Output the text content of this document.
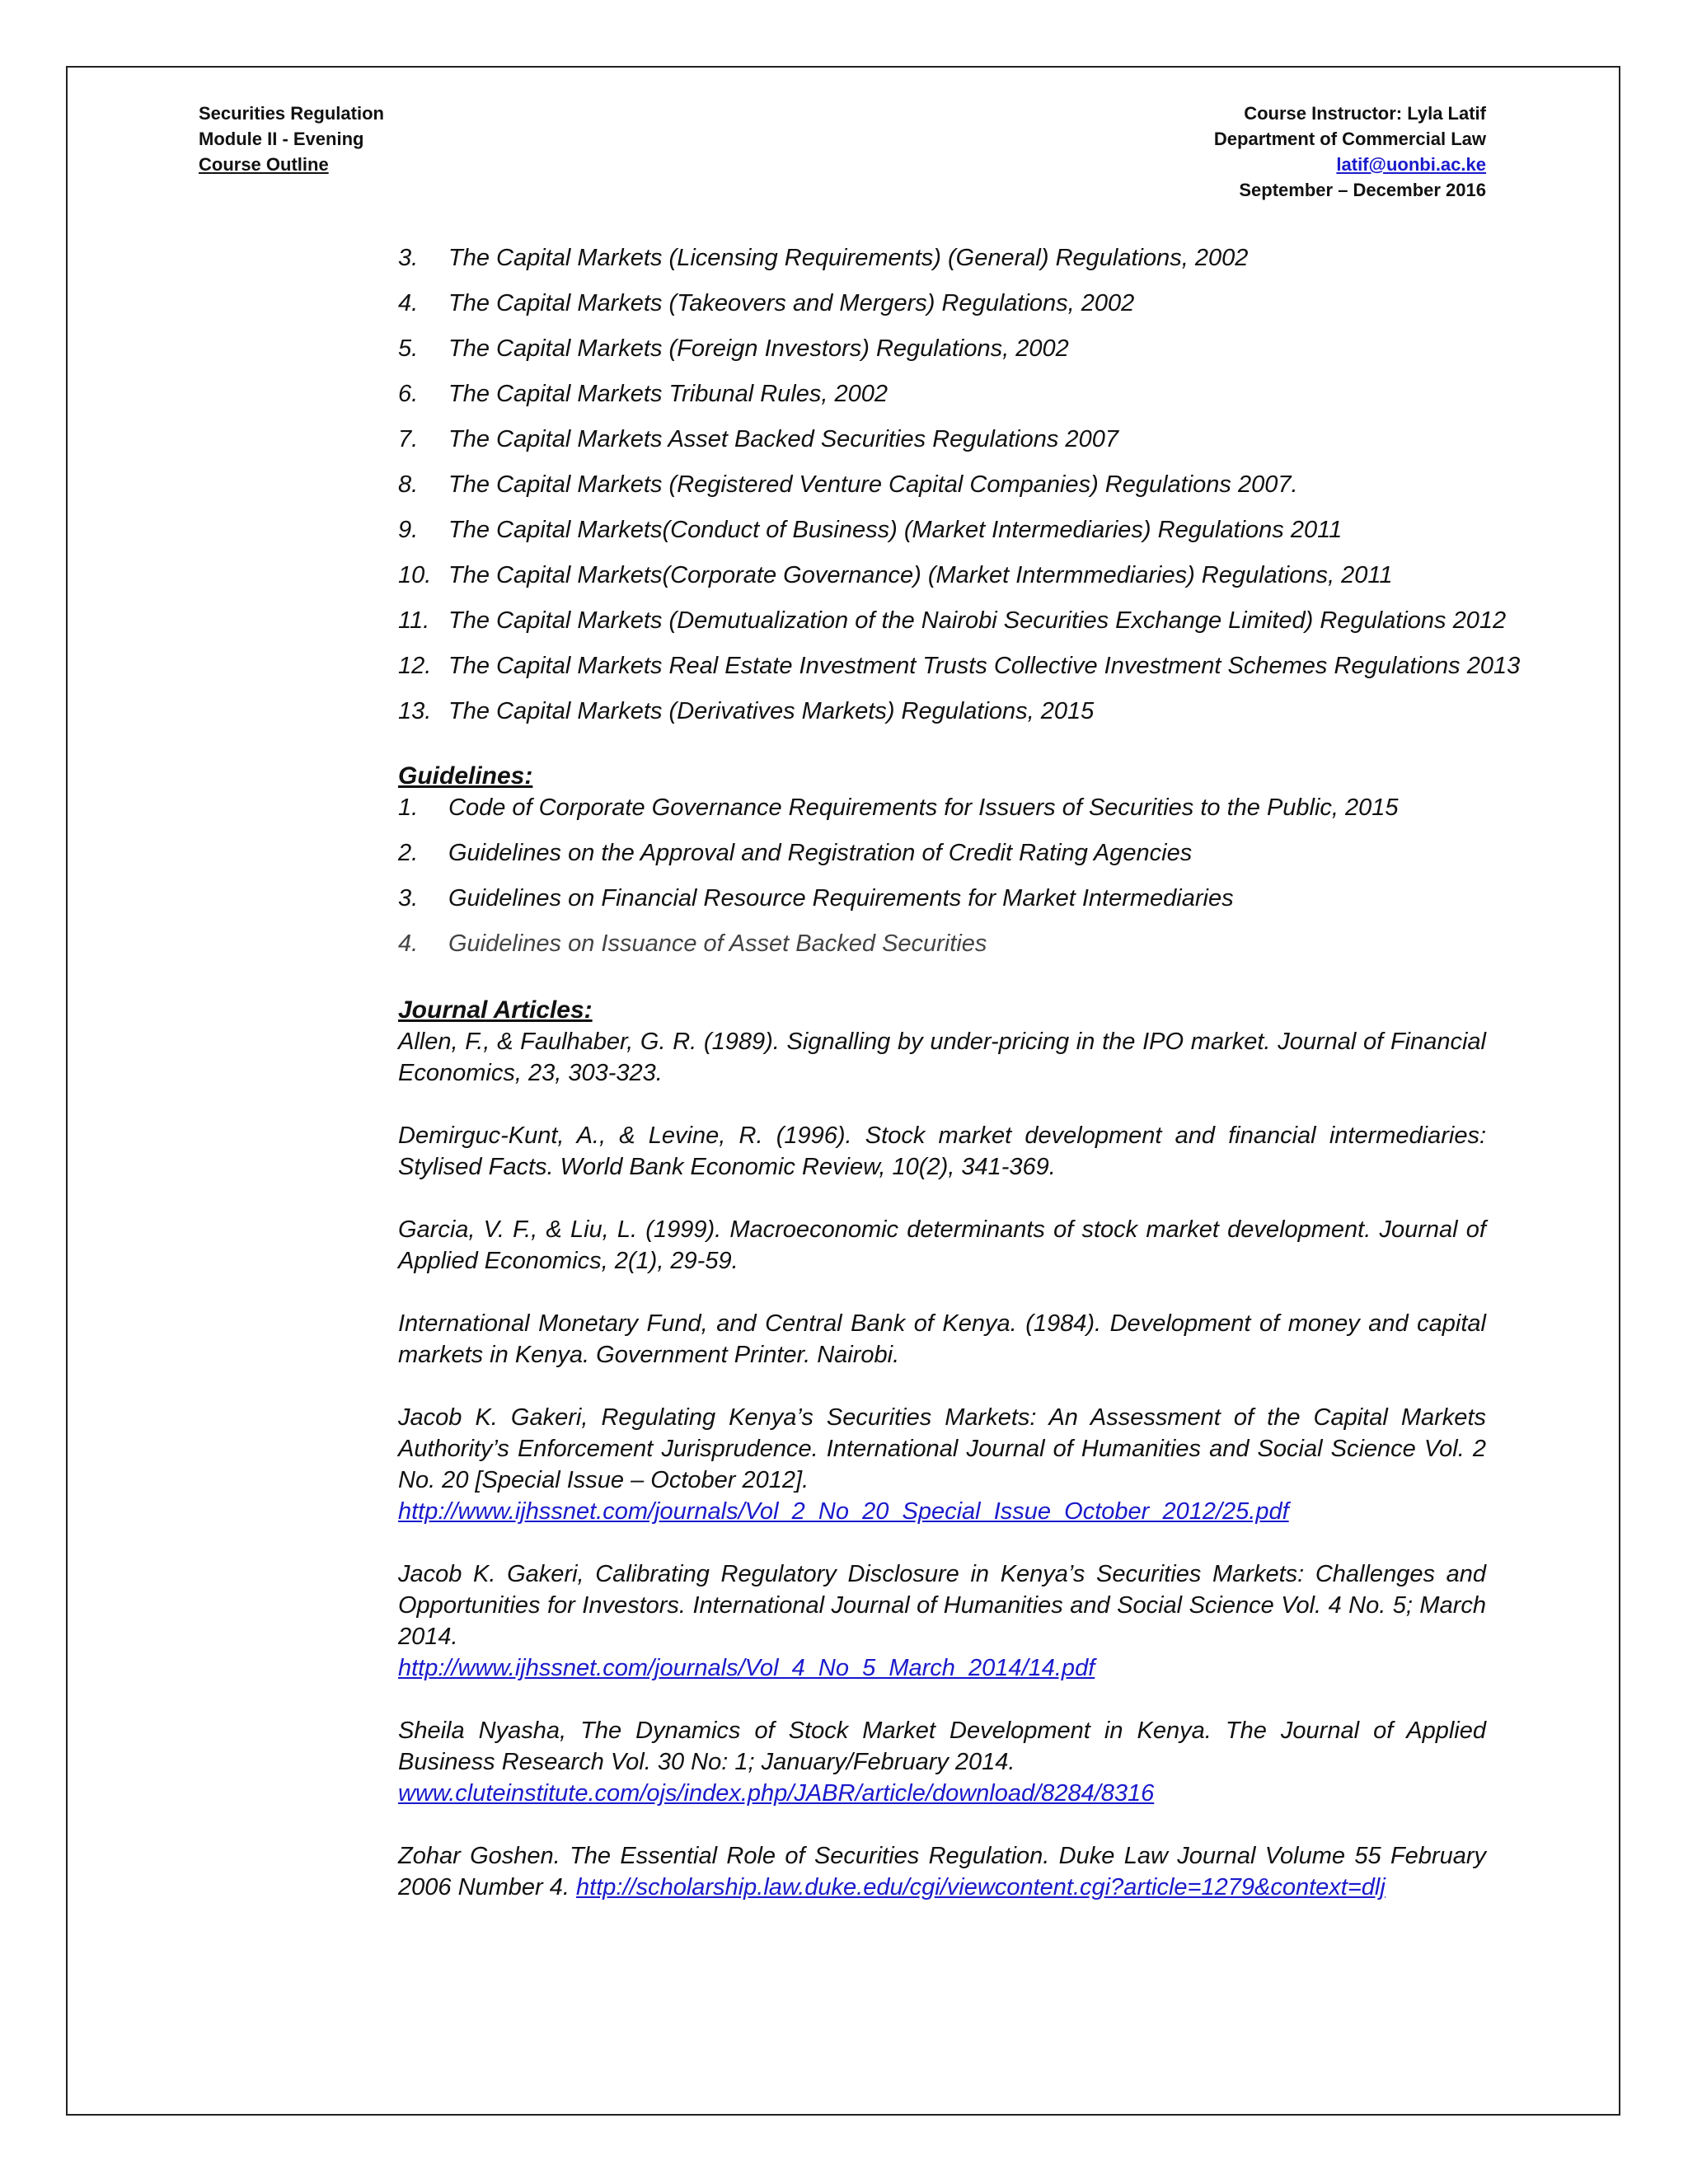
Securities Regulation
Module II - Evening
Course Outline
Course Instructor: Lyla Latif
Department of Commercial Law
latif@uonbi.ac.ke
September – December 2016
3.	The Capital Markets (Licensing Requirements) (General) Regulations, 2002
4.	The Capital Markets (Takeovers and Mergers) Regulations, 2002
5.	The Capital Markets (Foreign Investors) Regulations, 2002
6.	The Capital Markets Tribunal Rules, 2002
7.	The Capital Markets Asset Backed Securities Regulations 2007
8.	The Capital Markets (Registered Venture Capital Companies) Regulations 2007.
9.	The Capital Markets(Conduct of Business) (Market Intermediaries) Regulations 2011
10. The Capital Markets(Corporate Governance) (Market Intermmediaries) Regulations, 2011
11. The Capital Markets (Demutualization of the Nairobi Securities Exchange Limited) Regulations 2012
12. The Capital Markets Real Estate Investment Trusts Collective Investment Schemes Regulations 2013
13. The Capital Markets (Derivatives Markets) Regulations, 2015
Guidelines:
1.	Code of Corporate Governance Requirements for Issuers of Securities to the Public, 2015
2.	Guidelines on the Approval and Registration of Credit Rating Agencies
3.	Guidelines on Financial Resource Requirements for Market Intermediaries
4.	Guidelines on Issuance of Asset Backed Securities
Journal Articles:

Allen, F., & Faulhaber, G. R. (1989). Signalling by under-pricing in the IPO market. Journal of Financial Economics, 23, 303-323.

Demirguc-Kunt, A., & Levine, R. (1996). Stock market development and financial intermediaries: Stylised Facts. World Bank Economic Review, 10(2), 341-369.

Garcia, V. F., & Liu, L. (1999). Macroeconomic determinants of stock market development. Journal of Applied Economics, 2(1), 29-59.

International Monetary Fund, and Central Bank of Kenya. (1984). Development of money and capital markets in Kenya. Government Printer. Nairobi.

Jacob K. Gakeri, Regulating Kenya’s Securities Markets: An Assessment of the Capital Markets Authority’s Enforcement Jurisprudence. International Journal of Humanities and Social Science Vol. 2 No. 20 [Special Issue – October 2012].
http://www.ijhssnet.com/journals/Vol_2_No_20_Special_Issue_October_2012/25.pdf

Jacob K. Gakeri, Calibrating Regulatory Disclosure in Kenya’s Securities Markets: Challenges and Opportunities for Investors. International Journal of Humanities and Social Science Vol. 4 No. 5; March 2014.
http://www.ijhssnet.com/journals/Vol_4_No_5_March_2014/14.pdf

Sheila Nyasha, The Dynamics of Stock Market Development in Kenya. The Journal of Applied Business Research Vol. 30 No: 1; January/February 2014.
www.cluteinstitute.com/ojs/index.php/JABR/article/download/8284/8316

Zohar Goshen. The Essential Role of Securities Regulation. Duke Law Journal Volume 55 February 2006 Number 4. http://scholarship.law.duke.edu/cgi/viewcontent.cgi?article=1279&context=dlj
